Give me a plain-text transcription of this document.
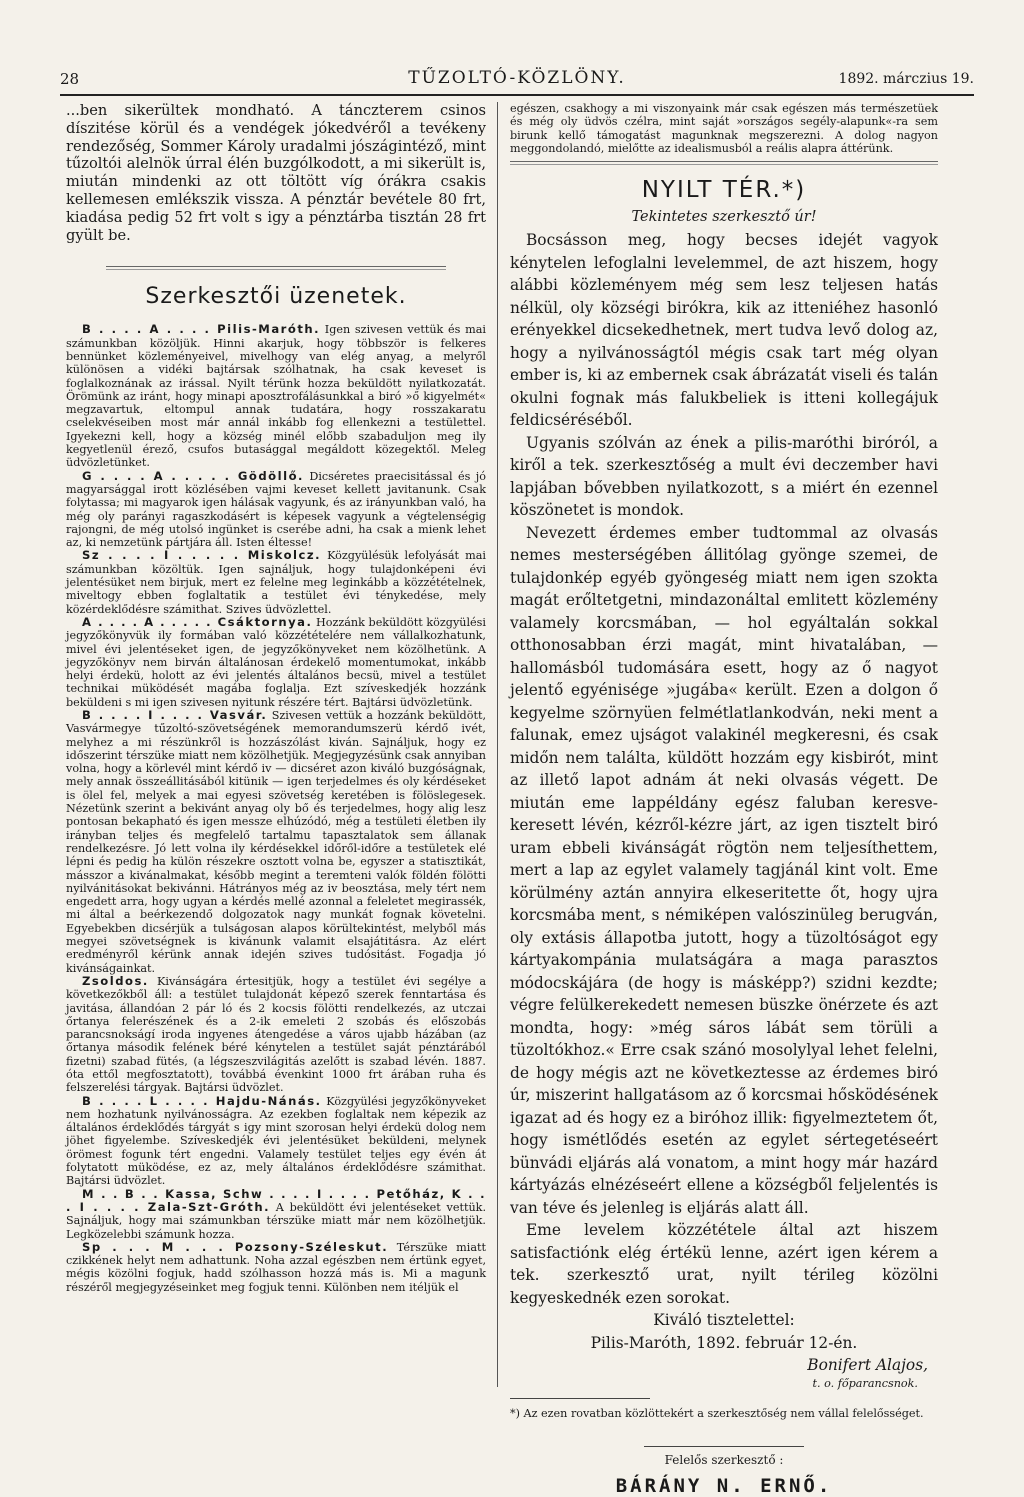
28	TŰZOLTÓ-KÖZLÖNY.	1892. márczius 19.

...ben sikerültek mondható. A tánczterem csinos díszitése körül és a vendégek jókedvéről a tevékeny rendezőség, Sommer Károly uradalmi jószágintéző, mint tűzoltói alelnök úrral élén buzgólkodott, a mi sikerült is, miután mindenki az ott töltött víg órákra csakis kellemesen emlékszik vissza. A pénztár bevétele 80 frt, kiadása pedig 52 frt volt s igy a pénztárba tisztán 28 frt gyült be.

Szerkesztői üzenetek.

B . . . . A . . . . Pilis-Maróth. Igen szivesen vettük és mai számunkban közöljük. Hinni akarjuk, hogy többször is felkeres bennünket közleményeivel, mivelhogy van elég anyag, a melyről különösen a vidéki bajtársak szólhatnak, ha csak keveset is foglalkoznának az irással. Nyilt térünk hozza beküldött nyilatkozatát. Örömünk az iránt, hogy minapi aposztrofálásunkkal a biró »ő kigyelmét« megzavartuk, eltompul annak tudatára, hogy rosszakaratu cselekvéseiben most már annál inkább fog ellenkezni a testülettel. Igyekezni kell, hogy a község minél előbb szabaduljon meg ily kegyetlenül érező, csufos butasággal megáldott közegektől. Meleg üdvözletünket.

G . . . . A . . . . . Gödöllő. Dicséretes praecisitással és jó magyarsággal irott közlésében vajmi keveset kellett javitanunk. Csak folytassa; mi magyarok igen hálásak vagyunk, és az irányunkban való, ha még oly parányi ragaszkodásért is képesek vagyunk a végtelenségig rajongni, de még utolsó ingünket is cserébe adni, ha csak a mienk lehet az, ki nemzetünk pártjára áll. Isten éltesse!

Sz . . . . I . . . . . Miskolcz. Közgyülésük lefolyását mai számunkban közöltük. Igen sajnáljuk, hogy tulajdonképeni évi jelentésüket nem birjuk, mert ez felelne meg leginkább a közzétételnek, miveltogy ebben foglaltatik a testület évi ténykedése, mely közérdeklődésre számithat. Szives üdvözlettel.

A . . . . A . . . . . Csáktornya. Hozzánk beküldött közgyülési jegyzőkönyvük ily formában való közzétételére nem vállalkozhatunk, mivel évi jelentéseket igen, de jegyzőkönyveket nem közölhetünk. A jegyzőkönyv nem birván általánosan érdekelő momentumokat, inkább helyi érdekü, holott az évi jelentés általános becsü, mivel a testület technikai müködését magába foglalja. Ezt szíveskedjék hozzánk beküldeni s mi igen szivesen nyitunk részére tért. Bajtársi üdvözletünk.

B . . . . I . . . . Vasvár. Szivesen vettük a hozzánk beküldött, Vasvármegye tűzoltó-szövetségének memorandumszerü kérdő ivét, melyhez a mi részünkről is hozzászólást kiván. Sajnáljuk, hogy ez időszerint térszüke miatt nem közölhetjük. Megjegyzésünk csak annyiban volna, hogy a körlevél mint kérdő iv — dicséret azon kiváló buzgóságnak, mely annak összeállitásából kitünik — igen terjedelmes és oly kérdéseket is ölel fel, melyek a mai egyesi szövetség keretében is fölöslegesek. Nézetünk szerint a bekivánt anyag oly bő és terjedelmes, hogy alig lesz pontosan bekapható és igen messze elhúzódó, még a testületi életben ily irányban teljes és megfelelő tartalmu tapasztalatok sem állanak rendelkezésre. Jó lett volna ily kérdésekkel időről-időre a testületek elé lépni és pedig ha külön részekre osztott volna be, egyszer a statisztikát, másszor a kivánalmakat, később megint a teremteni valók földén fölötti nyilvánitásokat bekivánni. Hátrányos még az iv beosztása, mely tért nem engedett arra, hogy ugyan a kérdés mellé azonnal a feleletet megirassék, mi által a beérkezendő dolgozatok nagy munkát fognak követelni. Egyebekben dicsérjük a tulságosan alapos körültekintést, melyből más megyei szövetségnek is kivánunk valamit elsajátitásra. Az elért eredményről kérünk annak idején szives tudósitást. Fogadja jó kivánságainkat.

Zsoldos. Kivánságára értesitjük, hogy a testület évi segélye a következőkből áll: a testület tulajdonát képező szerek fenntartása és javitása, állandóan 2 pár ló és 2 kocsis fölötti rendelkezés, az utczai őrtanya felerészének és a 2-ik emeleti 2 szobás és előszobás parancsnokságí iroda ingyenes átengedése a város ujabb házában (az őrtanya második felének béré kénytelen a testület saját pénztárából fizetni) szabad fütés, (a légszeszvilágitás azelőtt is szabad lévén. 1887. óta ettől megfosztatott), továbbá évenkint 1000 frt árában ruha és felszerelési tárgyak. Bajtársi üdvözlet.

B . . . . L . . . . Hajdu-Nánás. Közgyülési jegyzőkönyveket nem hozhatunk nyilvánosságra. Az ezekben foglaltak nem képezik az általános érdeklődés tárgyát s igy mint szorosan helyi érdekü dolog nem jöhet figyelembe. Szíveskedjék évi jelentésüket beküldeni, melynek örömest fogunk tért engedni. Valamely testület teljes egy évén át folytatott müködése, ez az, mely általános érdeklődésre számithat. Bajtársi üdvözlet.

M . . B . . Kassa, Schw . . . . I . . . . Petőház, K . . . I . . . . Zala-Szt-Gróth. A beküldött évi jelentéseket vettük. Sajnáljuk, hogy mai számunkban térszüke miatt már nem közölhetjük. Legközelebbi számunk hozza.

Sp . . . M . . . Pozsony-Széleskut. Térszüke miatt czikkének helyt nem adhattunk. Noha azzal egészben nem értünk egyet, mégis közölni fogjuk, hadd szólhasson hozzá más is. Mi a magunk részéről megjegyzéseinket meg fogjuk tenni. Különben nem itéljük el

egészen, csakhogy a mi viszonyaink már csak egészen más természetüek és még oly üdvös czélra, mint saját »országos segély-alapunk«-ra sem birunk kellő támogatást magunknak megszerezni. A dolog nagyon meggondolandó, mielőtte az idealismusból a reális alapra áttérünk.

NYILT TÉR.*)
Tekintetes szerkesztő úr!

Bocsásson meg, hogy becses idejét vagyok kénytelen lefoglalni levelemmel, de azt hiszem, hogy alábbi közleményem még sem lesz teljesen hatás nélkül, oly községi birókra, kik az itteniéhez hasonló erényekkel dicsekedhetnek, mert tudva levő dolog az, hogy a nyilvánosságtól mégis csak tart még olyan ember is, ki az embernek csak ábrázatát viseli és talán okulni fognak más falukbeliek is itteni kollegájuk feldicséréséből.

Ugyanis szólván az ének a pilis-maróthi biróról, a kiről a tek. szerkesztőség a mult évi deczember havi lapjában bővebben nyilatkozott, s a miért én ezennel köszönetet is mondok.

Nevezett érdemes ember tudtommal az olvasás nemes mesterségében állitólag gyönge szemei, de tulajdonkép egyéb gyöngeség miatt nem igen szokta magát erőltetgetni, mindazonáltal emlitett közlemény valamely korcsmában, — hol egyáltalán sokkal otthonosabban érzi magát, mint hivatalában, — hallomásból tudomására esett, hogy az ő nagyot jelentő egyénisége »jugába« került. Ezen a dolgon ő kegyelme szörnyüen felmétlatlankodván, neki ment a falunak, emez ujságot valakinél megkeresni, és csak midőn nem találta, küldött hozzám egy kisbirót, mint az illető lapot adnám át neki olvasás végett. De miután eme lappéldány egész faluban keresve-keresett lévén, kézről-kézre járt, az igen tisztelt biró uram ebbeli kivánságát rögtön nem teljesíthettem, mert a lap az egylet valamely tagjánál kint volt. Eme körülmény aztán annyira elkeseritette őt, hogy ujra korcsmába ment, s némiképen valószinüleg berugván, oly extásis állapotba jutott, hogy a tüzoltóságot egy kártyakompánia mulatságára a maga parasztos módocskájára (de hogy is másképp?) szidni kezdte; végre felülkerekedett nemesen büszke önérzete és azt mondta, hogy: »még sáros lábát sem törüli a tüzoltókhoz.« Erre csak szánó mosolylyal lehet felelni, de hogy mégis azt ne következtesse az érdemes biró úr, miszerint hallgatásom az ő korcsmai hősködésének igazat ad és hogy ez a biróhoz illik: figyelmeztetem őt, hogy ismétlődés esetén az egylet sértegetéseért bünvádi eljárás alá vonatom, a mint hogy már hazárd kártyázás elnézéseért ellene a községből feljelentés is van téve és jelenleg is eljárás alatt áll.

Eme levelem közzététele által azt hiszem satisfactiónk elég értékü lenne, azért igen kérem a tek. szerkesztő urat, nyilt térileg közölni kegyeskednék ezen sorokat.

Kiváló tisztelettel:

Pilis-Maróth, 1892. február 12-én.

Bonifert Alajos,

t. o. főparancsnok.

*) Az ezen rovatban közlöttekért a szerkesztőség nem vállal felelősséget.

Felelős szerkesztő :
BÁRÁNY N. ERNŐ.
